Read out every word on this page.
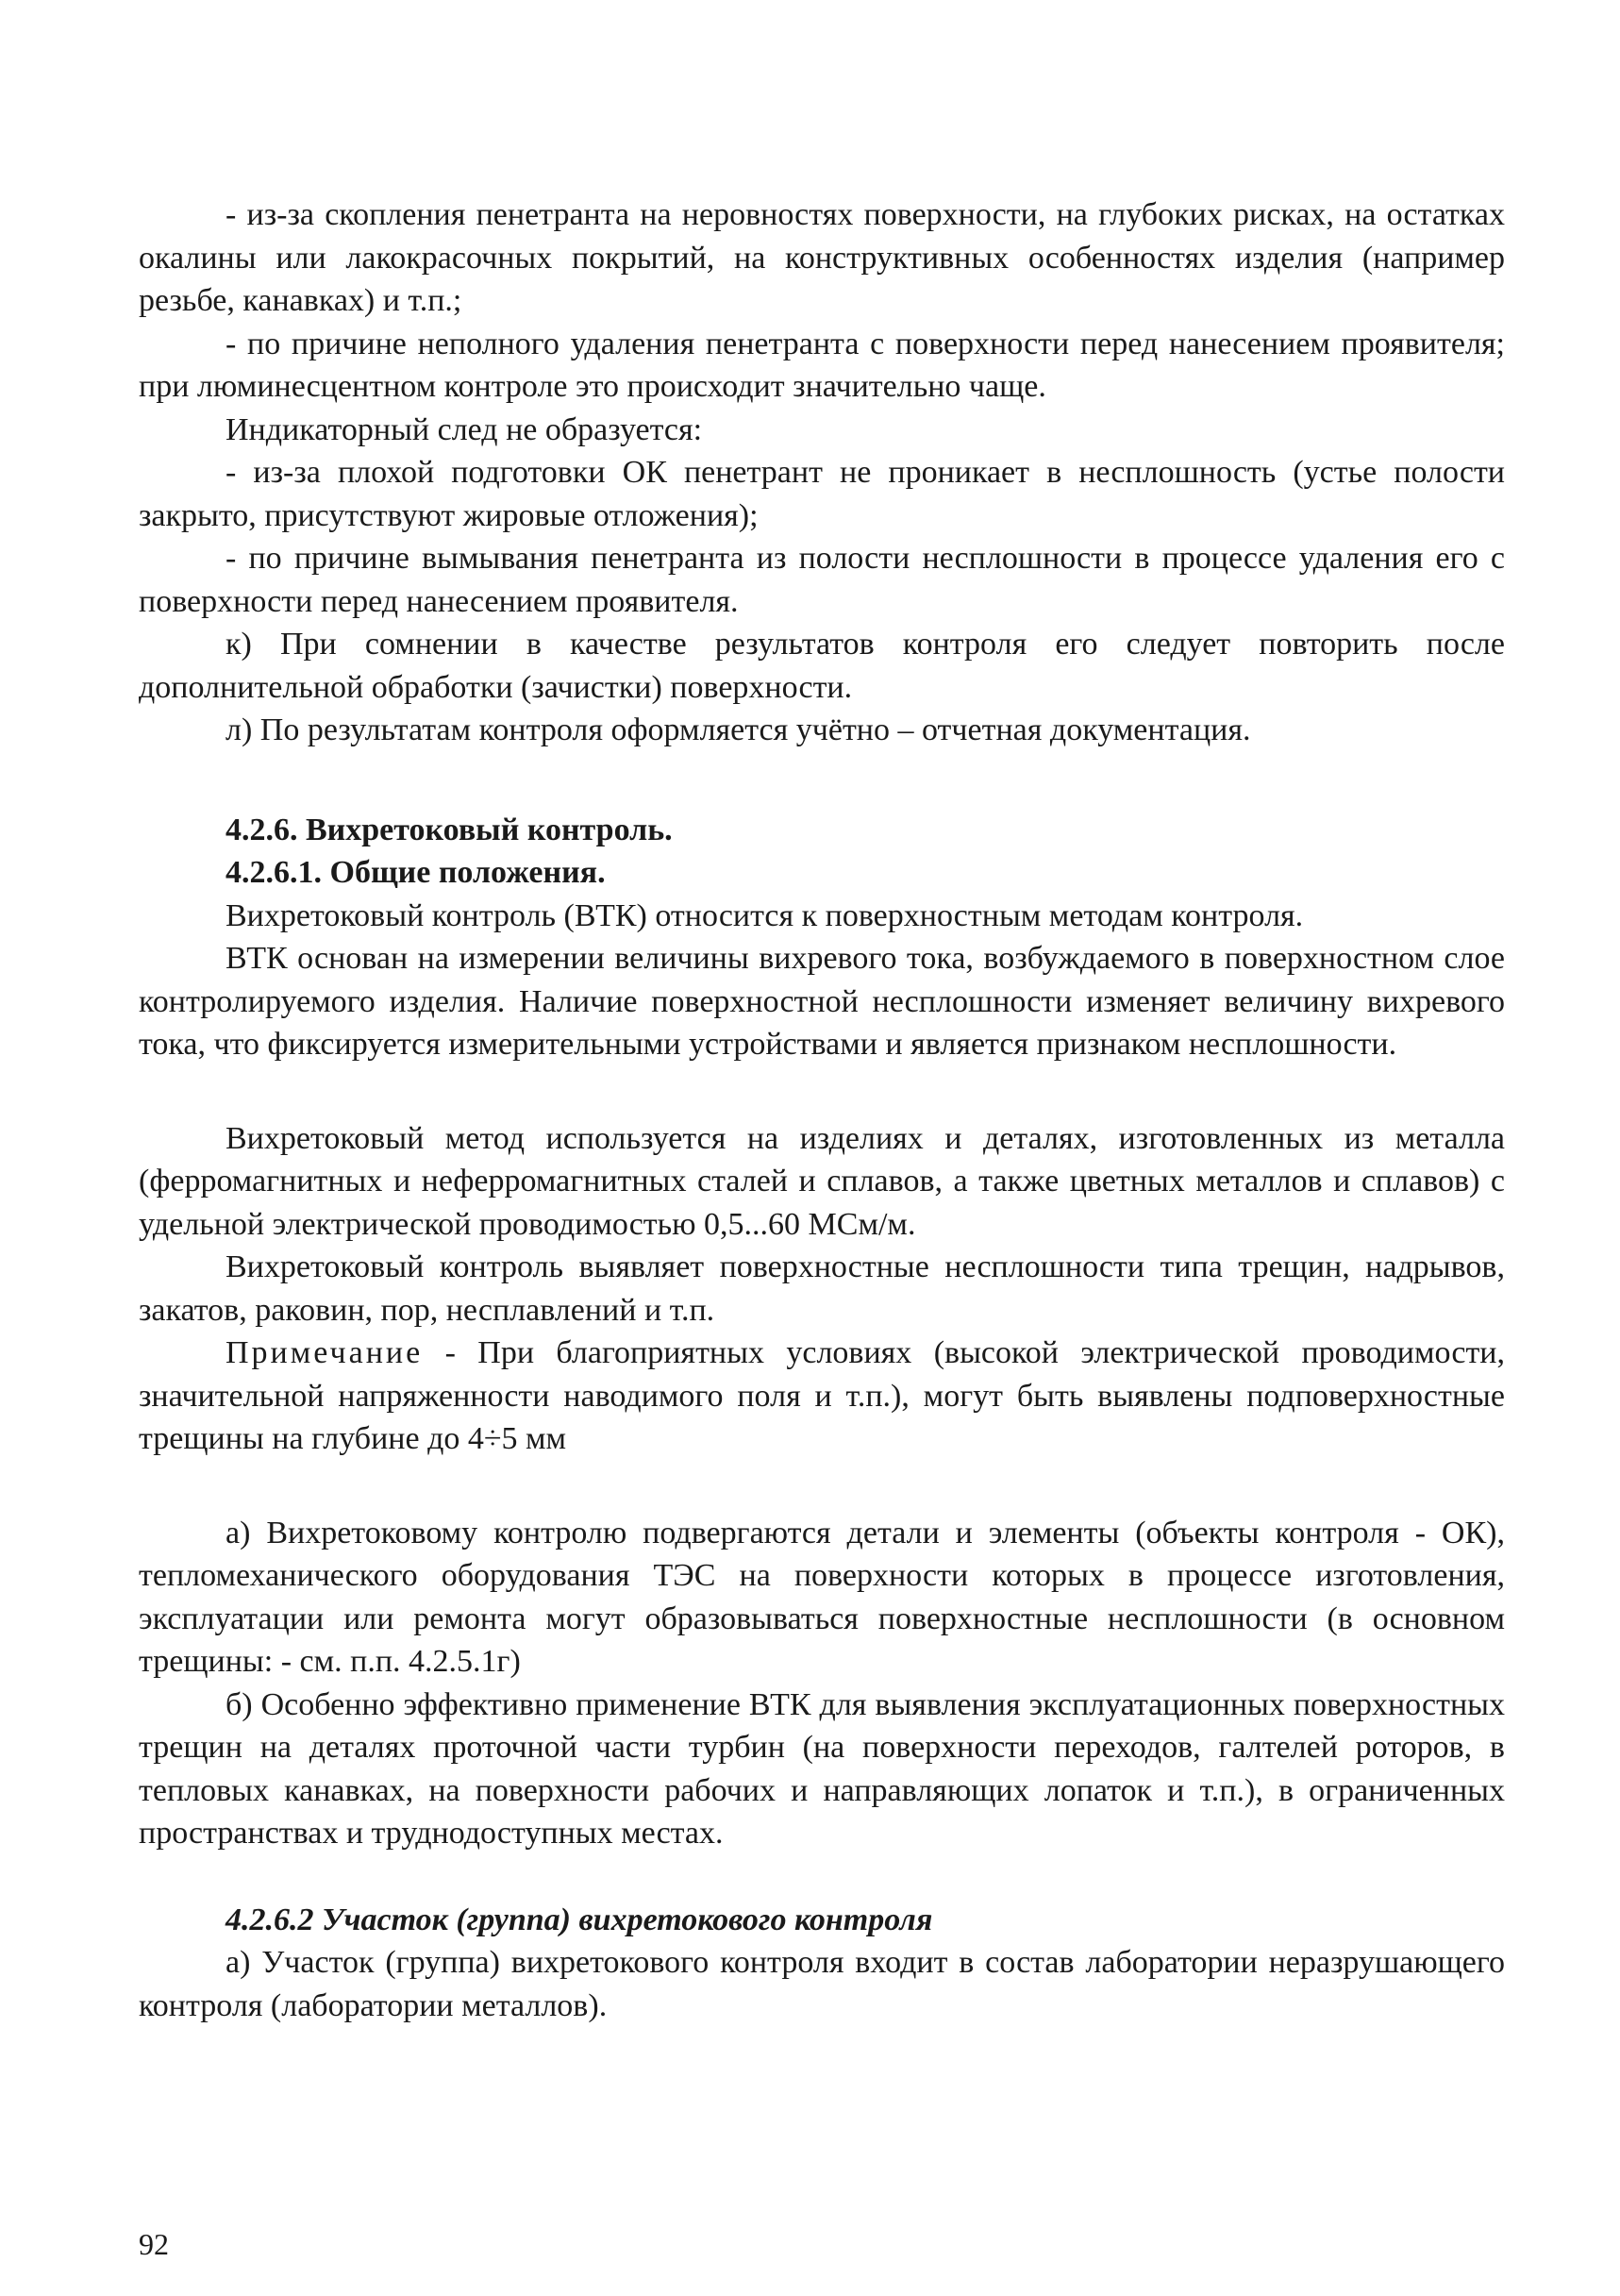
- из-за скопления пенетранта на неровностях поверхности, на глубоких рисках, на остатках окалины или лакокрасочных покрытий, на конструктивных особенностях изделия (например резьбе, канавках) и т.п.;

- по причине неполного удаления пенетранта с поверхности перед нанесением проявителя; при люминесцентном контроле это происходит значительно чаще.

Индикаторный след не образуется:

- из-за плохой подготовки ОК пенетрант не проникает в несплошность (устье полости закрыто, присутствуют жировые отложения);

- по причине вымывания пенетранта из полости несплошности в процессе удаления его с поверхности перед нанесением проявителя.

к) При сомнении в качестве результатов контроля его следует повторить после дополнительной обработки (зачистки) поверхности.

л) По результатам контроля оформляется учётно – отчетная документация.

4.2.6. Вихретоковый контроль.

4.2.6.1. Общие положения.

Вихретоковый контроль (ВТК) относится к поверхностным методам контроля.

ВТК основан на измерении величины вихревого тока, возбуждаемого в поверхностном слое контролируемого изделия. Наличие поверхностной несплошности изменяет величину вихревого тока, что фиксируется измерительными устройствами и является признаком несплошности.

Вихретоковый метод используется на изделиях и деталях, изготовленных из металла (ферромагнитных и неферромагнитных сталей и сплавов, а также цветных металлов и сплавов) с удельной электрической проводимостью 0,5...60 МСм/м.

Вихретоковый контроль выявляет поверхностные несплошности типа трещин, надрывов, закатов, раковин, пор, несплавлений и т.п.

Примечание - При благоприятных условиях (высокой электрической проводимости, значительной напряженности наводимого поля и т.п.), могут быть выявлены подповерхностные трещины на глубине до 4÷5 мм

а) Вихретоковому контролю подвергаются детали и элементы (объекты контроля - ОК), тепломеханического оборудования ТЭС на поверхности которых в процессе изготовления, эксплуатации или ремонта могут образовываться поверхностные несплошности (в основном трещины: - см. п.п. 4.2.5.1г)

б) Особенно эффективно применение ВТК для выявления эксплуатационных поверхностных трещин на деталях проточной части турбин (на поверхности переходов, галтелей роторов, в тепловых канавках, на поверхности рабочих и направляющих лопаток и т.п.), в ограниченных пространствах и труднодоступных местах.

4.2.6.2 Участок (группа) вихретокового контроля

а) Участок (группа) вихретокового контроля входит в состав лаборатории неразрушающего контроля (лаборатории металлов).

92
